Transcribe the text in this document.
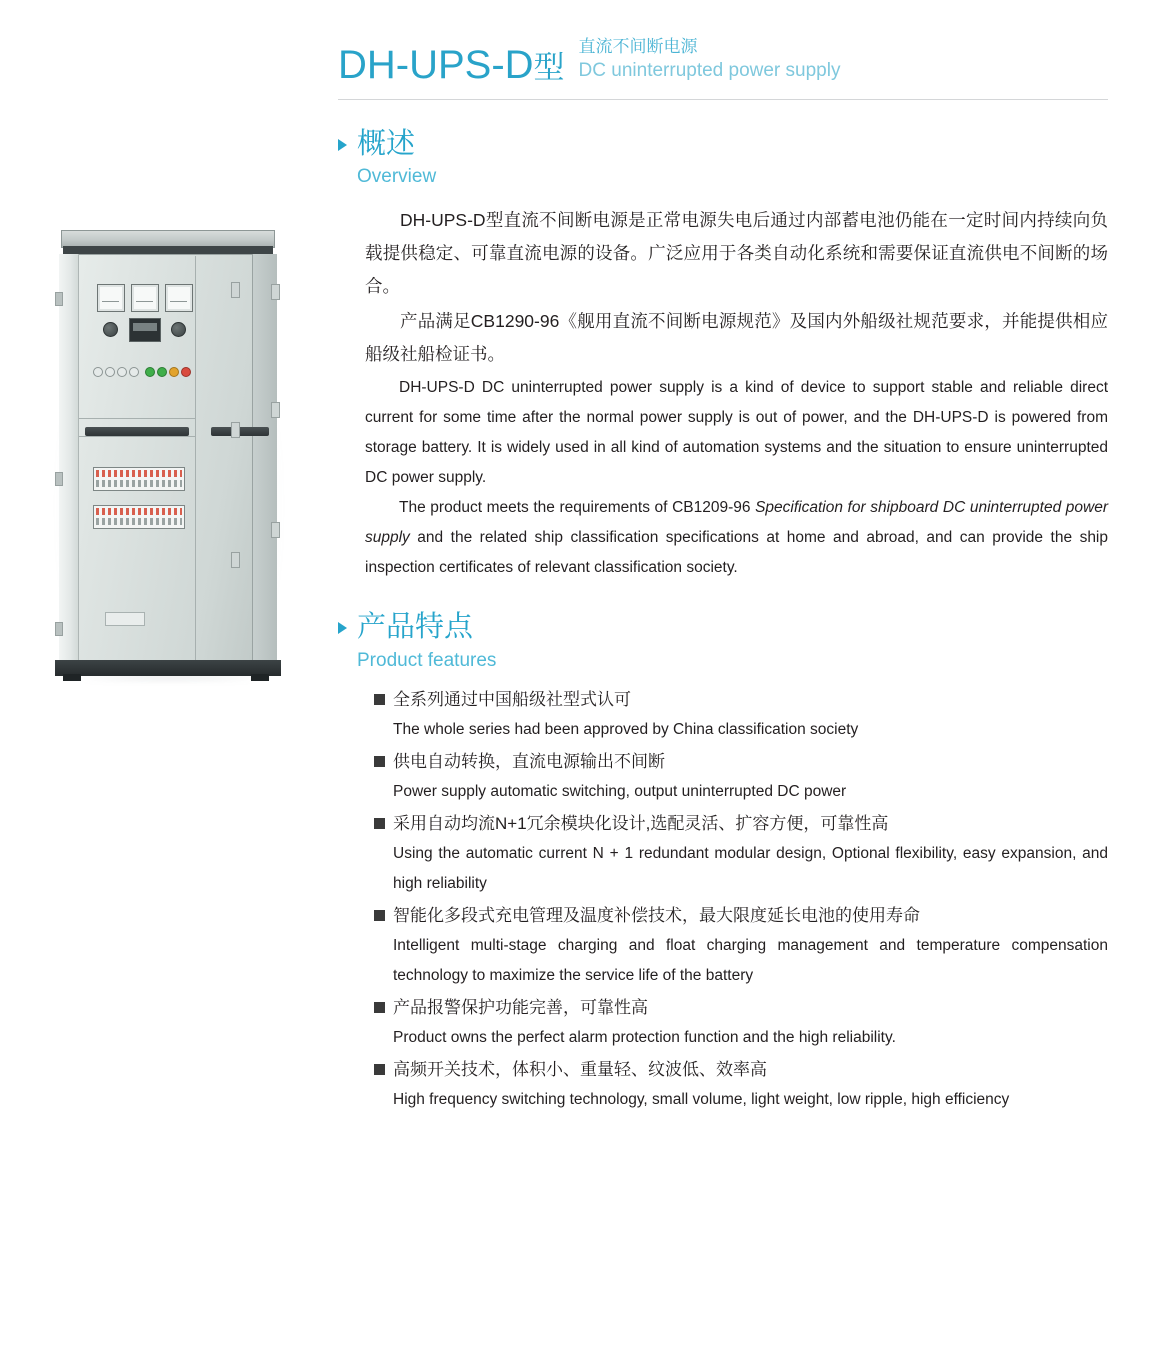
DH-UPS-D型
直流不间断电源
DC uninterrupted power supply
概述
Overview

DH-UPS-D型直流不间断电源是正常电源失电后通过内部蓄电池仍能在一定时间内持续向负载提供稳定、可靠直流电源的设备。广泛应用于各类自动化系统和需要保证直流供电不间断的场合。

产品满足CB1290-96《舰用直流不间断电源规范》及国内外船级社规范要求，并能提供相应船级社船检证书。

DH-UPS-D DC uninterrupted power supply is a kind of device to support stable and reliable direct current for some time after the normal power supply is out of power, and the DH-UPS-D is powered from storage battery. It is widely used in all kind of automation systems and the situation to ensure uninterrupted DC power supply.

The product meets the requirements of CB1209-96 Specification for shipboard DC uninterrupted power supply and the related ship classification specifications at home and abroad, and can provide the ship inspection certificates of relevant classification society.

产品特点
Product features
全系列通过中国船级社型式认可
The whole series had been approved by China classification society
供电自动转换，直流电源输出不间断
Power supply automatic switching, output uninterrupted DC power
采用自动均流N+1冗余模块化设计,选配灵活、扩容方便，可靠性高
Using the automatic current N + 1 redundant modular design, Optional flexibility, easy expansion, and high reliability
智能化多段式充电管理及温度补偿技术，最大限度延长电池的使用寿命
Intelligent multi-stage charging and float charging management and temperature compensation technology to maximize the service life of the battery
产品报警保护功能完善，可靠性高
Product owns the perfect alarm protection function and the high reliability.
高频开关技术，体积小、重量轻、纹波低、效率高
High frequency switching technology, small volume, light weight, low ripple, high efficiency
